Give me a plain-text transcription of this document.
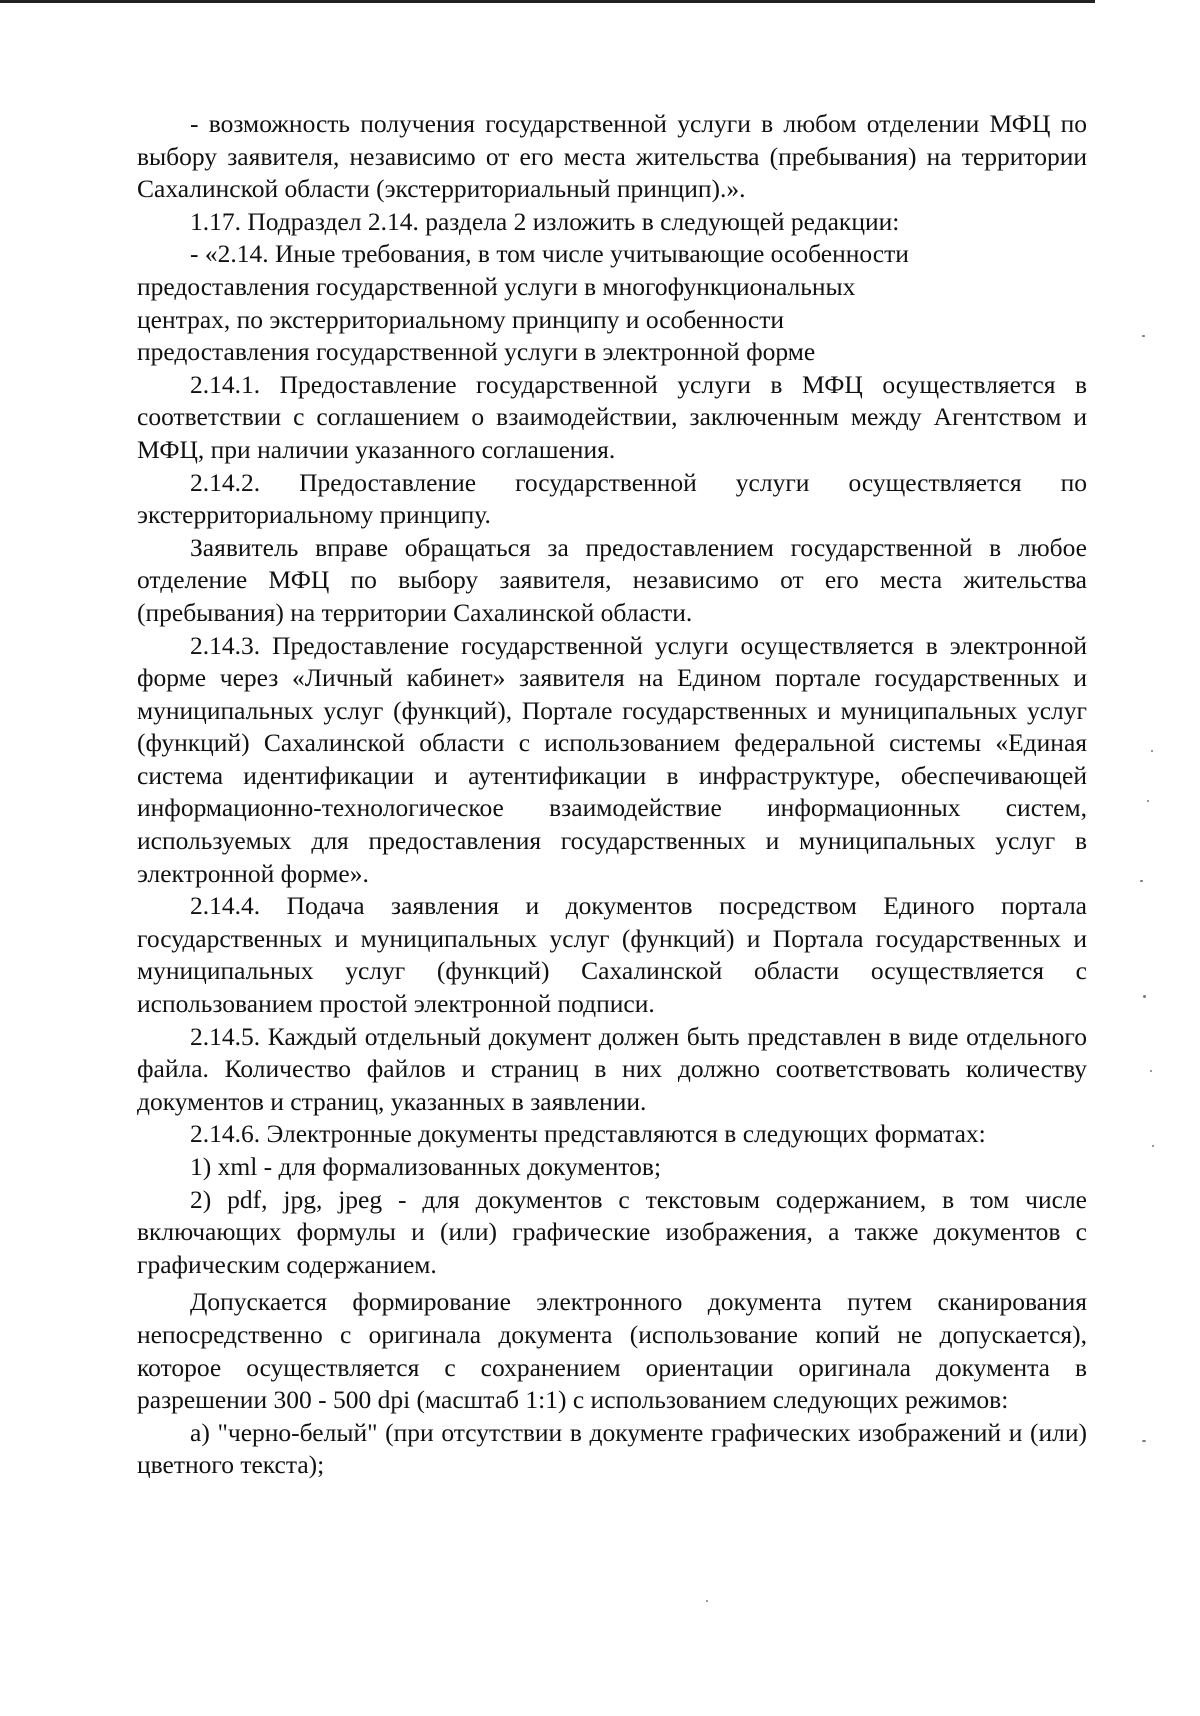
- возможность получения государственной услуги в любом отделении МФЦ по выбору заявителя, независимо от его места жительства (пребывания) на территории Сахалинской области (экстерриториальный принцип).».

1.17. Подраздел 2.14. раздела 2 изложить в следующей редакции:

- «2.14. Иные требования, в том числе учитывающие особенности
предоставления государственной услуги в многофункциональных
центрах, по экстерриториальному принципу и особенности
предоставления государственной услуги в электронной форме

2.14.1. Предоставление государственной услуги в МФЦ осуществляется в соответствии с соглашением о взаимодействии, заключенным между Агентством и МФЦ, при наличии указанного соглашения.

2.14.2. Предоставление государственной услуги осуществляется по экстерриториальному принципу.

Заявитель вправе обращаться за предоставлением государственной в любое отделение МФЦ по выбору заявителя, независимо от его места жительства (пребывания) на территории Сахалинской области.

2.14.3. Предоставление государственной услуги осуществляется в электронной форме через «Личный кабинет» заявителя на Едином портале государственных и муниципальных услуг (функций), Портале государственных и муниципальных услуг (функций) Сахалинской области с использованием федеральной системы «Единая система идентификации и аутентификации в инфраструктуре, обеспечивающей информационно-технологическое взаимодействие информационных систем, используемых для предоставления государственных и муниципальных услуг в электронной форме».

2.14.4. Подача заявления и документов посредством Единого портала государственных и муниципальных услуг (функций) и Портала государственных и муниципальных услуг (функций) Сахалинской области осуществляется с использованием простой электронной подписи.

2.14.5. Каждый отдельный документ должен быть представлен в виде отдельного файла. Количество файлов и страниц в них должно соответствовать количеству документов и страниц, указанных в заявлении.

2.14.6. Электронные документы представляются в следующих форматах:

1) xml - для формализованных документов;

2) pdf, jpg, jpeg - для документов с текстовым содержанием, в том числе включающих формулы и (или) графические изображения, а также документов с графическим содержанием.

Допускается формирование электронного документа путем сканирования непосредственно с оригинала документа (использование копий не допускается), которое осуществляется с сохранением ориентации оригинала документа в разрешении 300 - 500 dpi (масштаб 1:1) с использованием следующих режимов:

а) "черно-белый" (при отсутствии в документе графических изображений и (или) цветного текста);
